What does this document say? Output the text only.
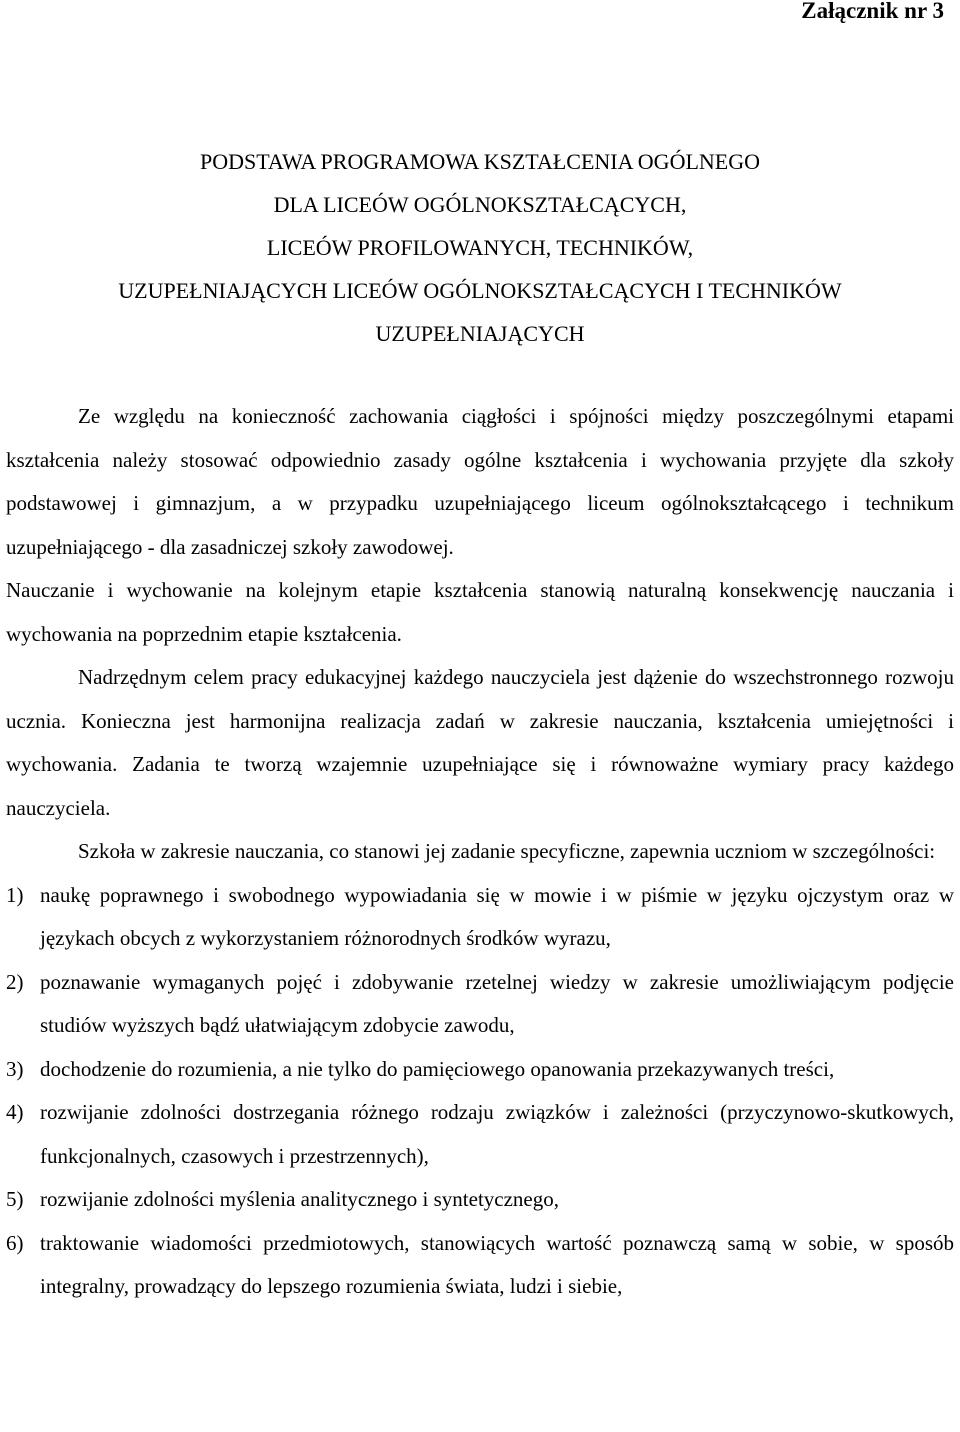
Załącznik nr 3
PODSTAWA PROGRAMOWA KSZTAŁCENIA OGÓLNEGO
DLA LICEÓW OGÓLNOKSZTAŁCĄCYCH,
LICEÓW PROFILOWANYCH, TECHNIKÓW,
UZUPEŁNIAJĄCYCH LICEÓW OGÓLNOKSZTAŁCĄCYCH I TECHNIKÓW
UZUPEŁNIAJĄCYCH

Ze względu na konieczność zachowania ciągłości i spójności między poszczególnymi etapami kształcenia należy stosować odpowiednio zasady ogólne kształcenia i wychowania przyjęte dla szkoły podstawowej i gimnazjum, a w przypadku uzupełniającego liceum ogólnokształcącego i technikum uzupełniającego - dla zasadniczej szkoły zawodowej.

Nauczanie i wychowanie na kolejnym etapie kształcenia stanowią naturalną konsekwencję nauczania i wychowania na poprzednim etapie kształcenia.

Nadrzędnym celem pracy edukacyjnej każdego nauczyciela jest dążenie do wszechstronnego rozwoju ucznia. Konieczna jest harmonijna realizacja zadań w zakresie nauczania, kształcenia umiejętności i wychowania. Zadania te tworzą wzajemnie uzupełniające się i równoważne wymiary pracy każdego nauczyciela.

Szkoła w zakresie nauczania, co stanowi jej zadanie specyficzne, zapewnia uczniom w szczególności:

1) naukę poprawnego i swobodnego wypowiadania się w mowie i w piśmie w języku ojczystym oraz w językach obcych z wykorzystaniem różnorodnych środków wyrazu,
2) poznawanie wymaganych pojęć i zdobywanie rzetelnej wiedzy w zakresie umożliwiającym podjęcie studiów wyższych bądź ułatwiającym zdobycie zawodu,
3) dochodzenie do rozumienia, a nie tylko do pamięciowego opanowania przekazywanych treści,
4) rozwijanie zdolności dostrzegania różnego rodzaju związków i zależności (przyczynowo-skutkowych, funkcjonalnych, czasowych i przestrzennych),
5) rozwijanie zdolności myślenia analitycznego i syntetycznego,
6) traktowanie wiadomości przedmiotowych, stanowiących wartość poznawczą samą w sobie, w sposób integralny, prowadzący do lepszego rozumienia świata, ludzi i siebie,
